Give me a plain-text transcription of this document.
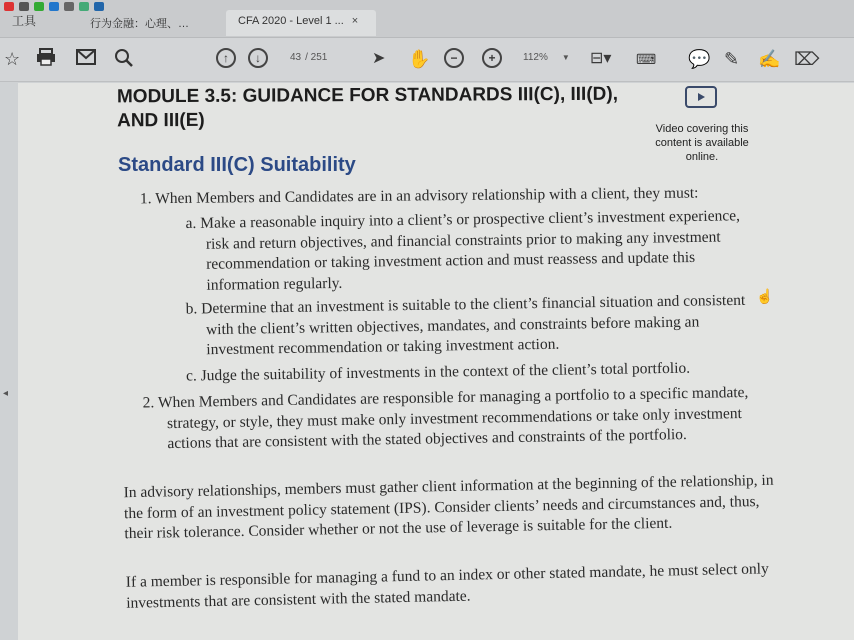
工具	行为金融：心理、…	CFA 2020 - Level 1 ... ×
☆	↑	↓	43 / 251	➤ ✋	−	+	112% ▼ ⊟▾ ⌨ 💬 ✎ ✍ ⌦
◂
MODULE 3.5: GUIDANCE FOR STANDARDS III(C), III(D), AND III(E)	Video covering this content is available online.
Standard III(C) Suitability
1. When Members and Candidates are in an advisory relationship with a client, they must:
a. Make a reasonable inquiry into a client’s or prospective client’s investment experience, risk and return objectives, and financial constraints prior to making any investment recommendation or taking investment action and must reassess and update this information regularly.
b. Determine that an investment is suitable to the client’s financial situation and consistent with the client’s written objectives, mandates, and constraints before making an investment recommendation or taking investment action.
c. Judge the suitability of investments in the context of the client’s total portfolio.
2. When Members and Candidates are responsible for managing a portfolio to a specific mandate, strategy, or style, they must make only investment recommendations or take only investment actions that are consistent with the stated objectives and constraints of the portfolio.
In advisory relationships, members must gather client information at the beginning of the relationship, in the form of an investment policy statement (IPS). Consider clients’ needs and circumstances and, thus, their risk tolerance. Consider whether or not the use of leverage is suitable for the client.
If a member is responsible for managing a fund to an index or other stated mandate, he must select only investments that are consistent with the stated mandate.
☝
